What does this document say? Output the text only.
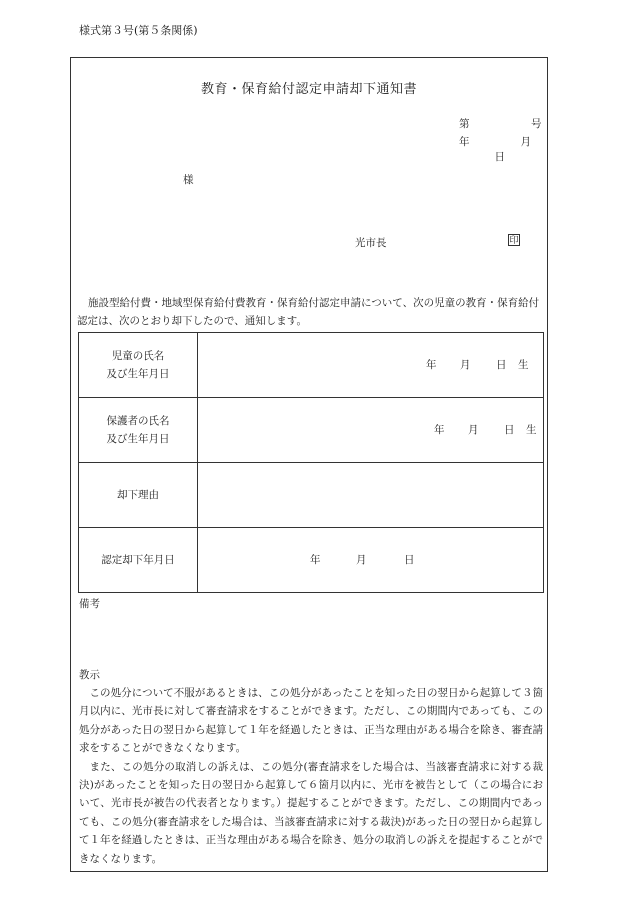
様式第３号(第５条関係)
教育・保育給付認定申請却下通知書
第	号
年	月日
様
光市長	印
施設型給付費・地域型保育給付費教育・保育給付認定申請について、次の児童の教育・保育給付認定は、次のとおり却下したので、通知します。
児童の氏名
及び生年月日	年 月 日 生

保護者の氏名
及び生年月日	年 月 日 生

却下理由	
認定却下年月日	年 月 日
備考
教示

この処分について不服があるときは、この処分があったことを知った日の翌日から起算して３箇月以内に、光市長に対して審査請求をすることができます。ただし、この期間内であっても、この処分があった日の翌日から起算して１年を経過したときは、正当な理由がある場合を除き、審査請求をすることができなくなります。

また、この処分の取消しの訴えは、この処分(審査請求をした場合は、当該審査請求に対する裁決)があったことを知った日の翌日から起算して６箇月以内に、光市を被告として（この場合において、光市長が被告の代表者となります。）提起することができます。ただし、この期間内であっても、この処分(審査請求をした場合は、当該審査請求に対する裁決)があった日の翌日から起算して１年を経過したときは、正当な理由がある場合を除き、処分の取消しの訴えを提起することができなくなります。
